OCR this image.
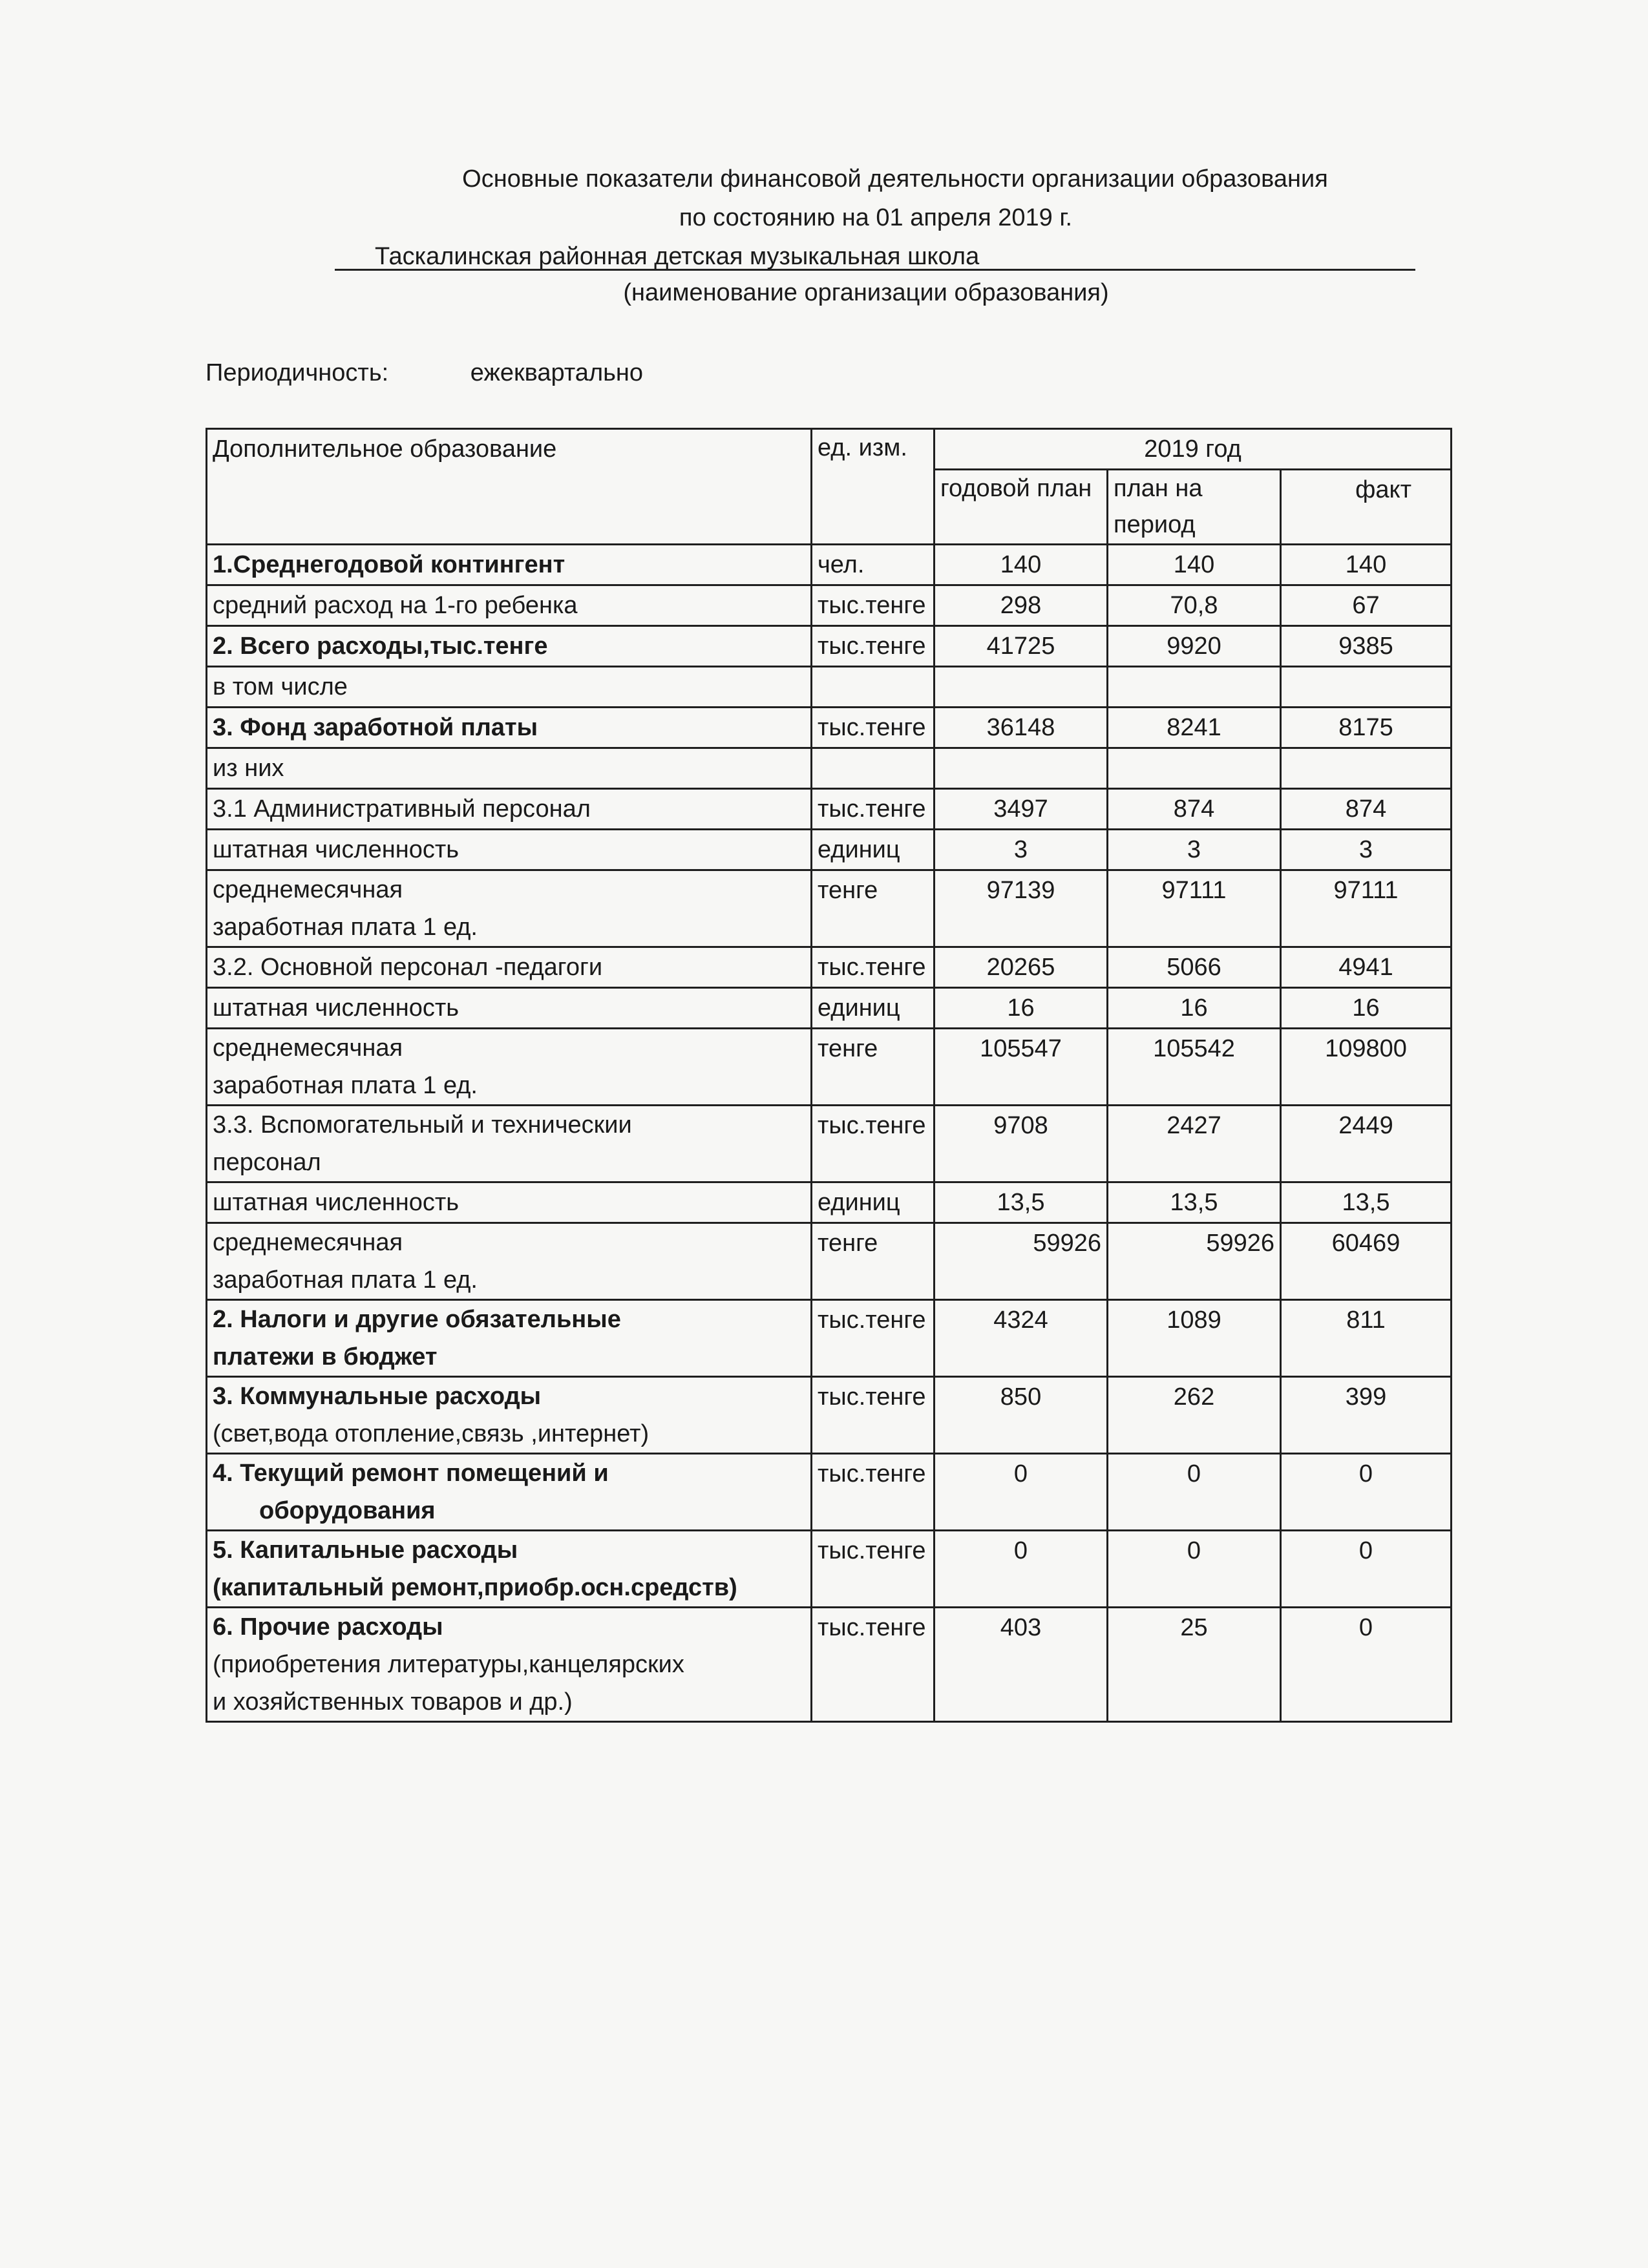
Основные показатели финансовой деятельности организации образования
по состоянию на 01 апреля 2019 г.
Таскалинская районная детская музыкальная школа
(наименование организации образования)
Периодичность:	ежеквартально
Дополнительное образование	ед. изм.	2019 год		
		годовой план	план на период	факт
1.Среднегодовой контингент	чел.	140	140	140
средний расход на 1-го ребенка	тыс.тенге	298	70,8	67
2. Всего расходы,тыс.тенге	тыс.тенге	41725	9920	9385
в том числе				
3. Фонд заработной платы	тыс.тенге	36148	8241	8175
из них				
3.1 Административный персонал	тыс.тенге	3497	874	874
штатная численность	единиц	3	3	3
среднемесячная заработная плата 1 ед.	тенге	97139	97111	97111
3.2. Основной персонал -педагоги	тыс.тенге	20265	5066	4941
штатная численность	единиц	16	16	16
среднемесячная заработная плата 1 ед.	тенге	105547	105542	109800
3.3. Вспомогательный и техническии персонал	тыс.тенге	9708	2427	2449
штатная численность	единиц	13,5	13,5	13,5
среднемесячная заработная плата 1 ед.	тенге	59926	59926	60469
2. Налоги и другие обязательные платежи в бюджет	тыс.тенге	4324	1089	811

3. Коммунальные расходы
(свет,вода отопление,связь ,интернет)	тыс.тенге	850	262	399

4. Текущий ремонт помещений и
оборудования	тыс.тенге	0	0	0

5. Капитальные расходы
(капитальный ремонт,приобр.осн.средств)	тыс.тенге	0	0	0

6. Прочие расходы
(приобретения литературы,канцелярских и хозяйственных товаров и др.)	тыс.тенге	403	25	0
